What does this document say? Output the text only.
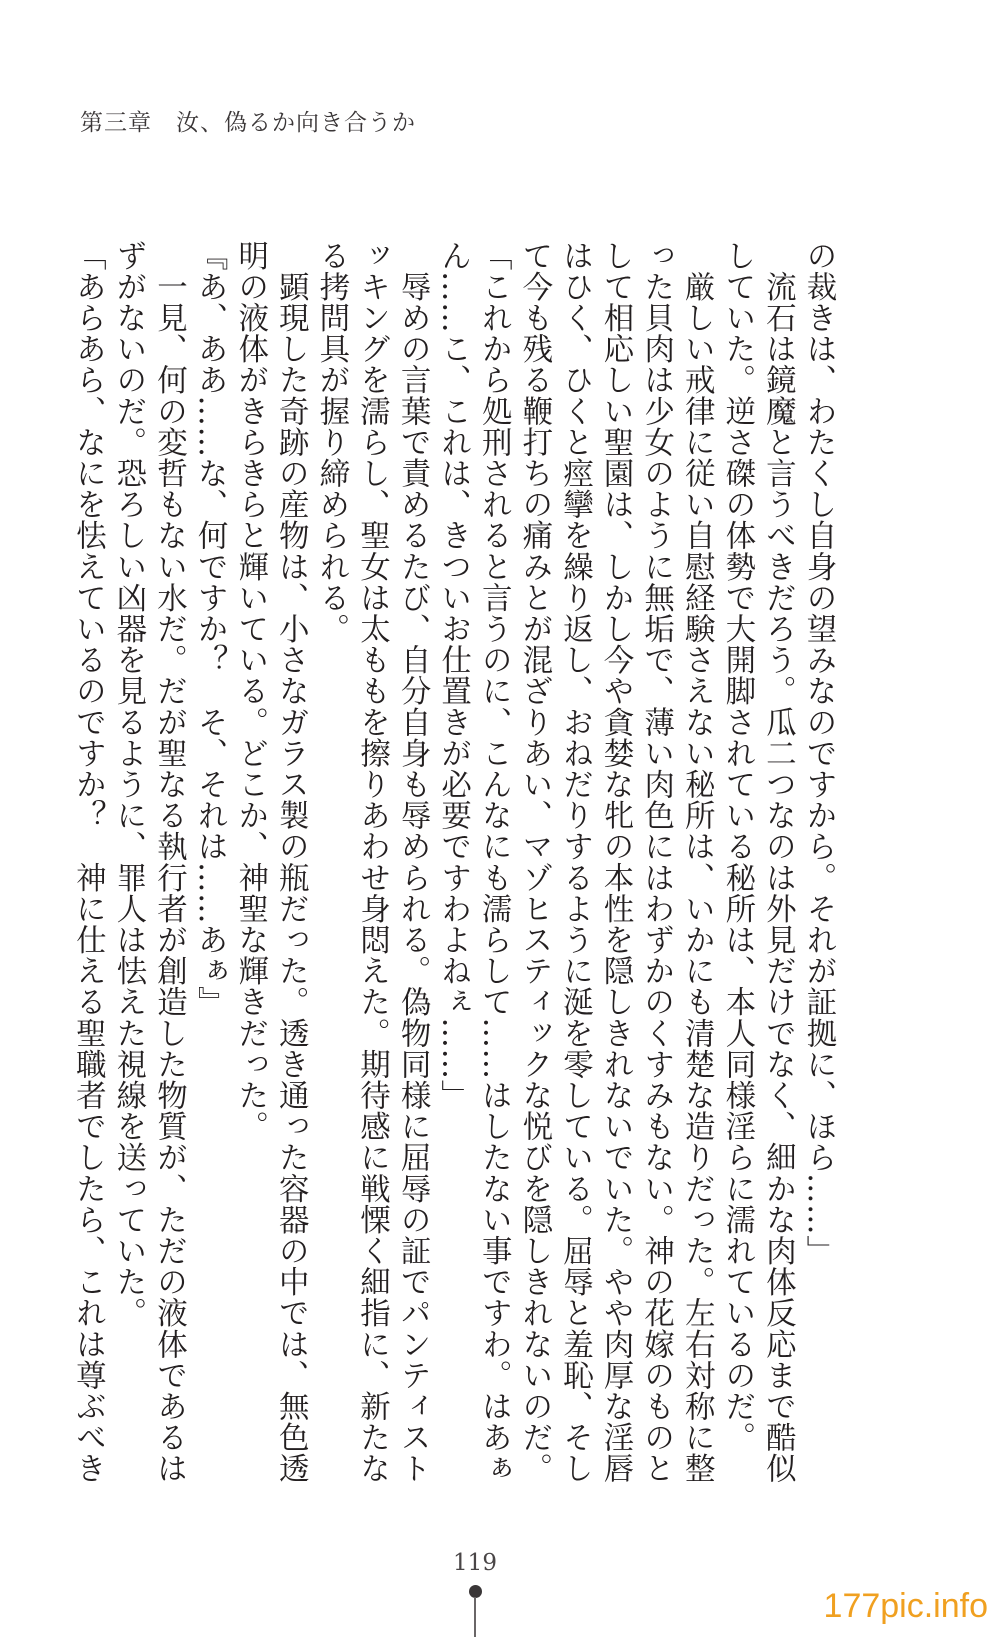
第三章　汝、偽るか向き合うか
の裁きは、わたくし自身の望みなのですから。それが証拠に、ほら……」
　流石は鏡魔と言うべきだろう。瓜二つなのは外見だけでなく、細かな肉体反応まで酷似
していた。逆さ磔の体勢で大開脚されている秘所は、本人同様淫らに濡れているのだ。
　厳しい戒律に従い自慰経験さえない秘所は、いかにも清楚な造りだった。左右対称に整
った貝肉は少女のように無垢で、薄い肉色にはわずかのくすみもない。神の花嫁のものと
して相応しい聖園は、しかし今や貪婪な牝の本性を隠しきれないでいた。やや肉厚な淫唇
はひく、ひくと痙攣を繰り返し、おねだりするように涎を零している。屈辱と羞恥、そし
て今も残る鞭打ちの痛みとが混ざりあい、マゾヒスティックな悦びを隠しきれないのだ。
「これから処刑されると言うのに、こんなにも濡らして……はしたない事ですわ。はあぁ
ん……こ、これは、きついお仕置きが必要ですわよねぇ……」
　辱めの言葉で責めるたび、自分自身も辱められる。偽物同様に屈辱の証でパンティスト
ッキングを濡らし、聖女は太ももを擦りあわせ身悶えた。期待感に戦慄く細指に、新たな
る拷問具が握り締められる。
　顕現した奇跡の産物は、小さなガラス製の瓶だった。透き通った容器の中では、無色透
明の液体がきらきらと輝いている。どこか、神聖な輝きだった。
『あ、ああ……な、何ですか？　そ、それは……あぁ』
　一見、何の変哲もない水だ。だが聖なる執行者が創造した物質が、ただの液体であるは
ずがないのだ。恐ろしい凶器を見るように、罪人は怯えた視線を送っていた。
「あらあら、なにを怯えているのですか？　神に仕える聖職者でしたら、これは尊ぶべき
119
177pic.info
